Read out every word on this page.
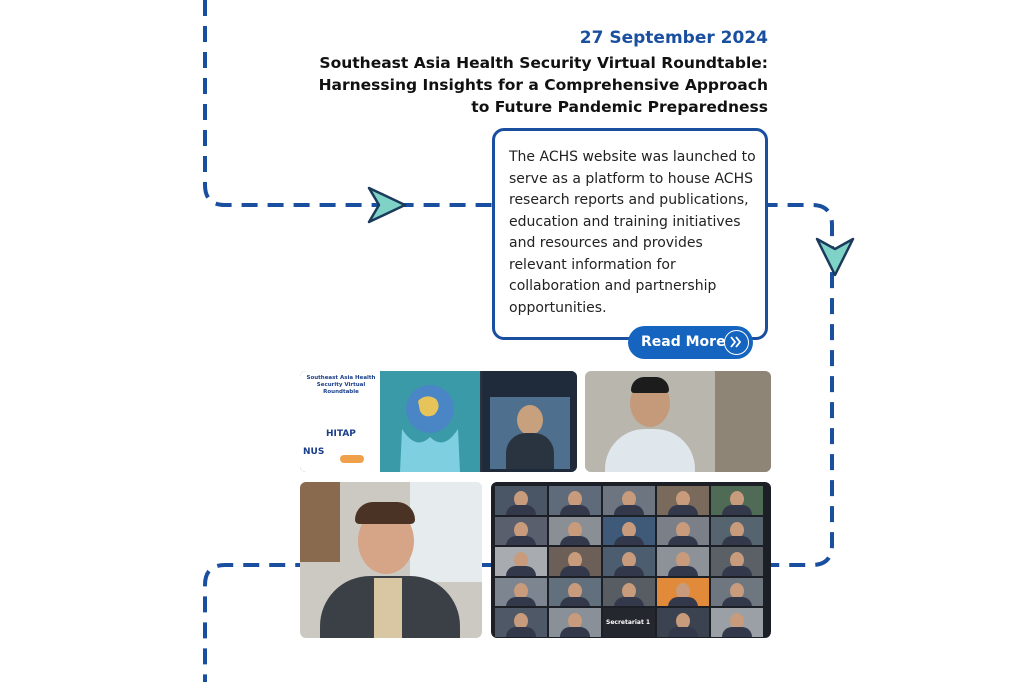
27 September 2024
Southeast Asia Health Security Virtual Roundtable: Harnessing Insights for a Comprehensive Approach to Future Pandemic Preparedness
The ACHS website was launched to serve as a platform to house ACHS research reports and publications, education and training initiatives and resources and provides relevant information for collaboration and partnership opportunities.
Read More
Southeast Asia Health Security Virtual Roundtable
HITAP
NUS
Secretariat 1
